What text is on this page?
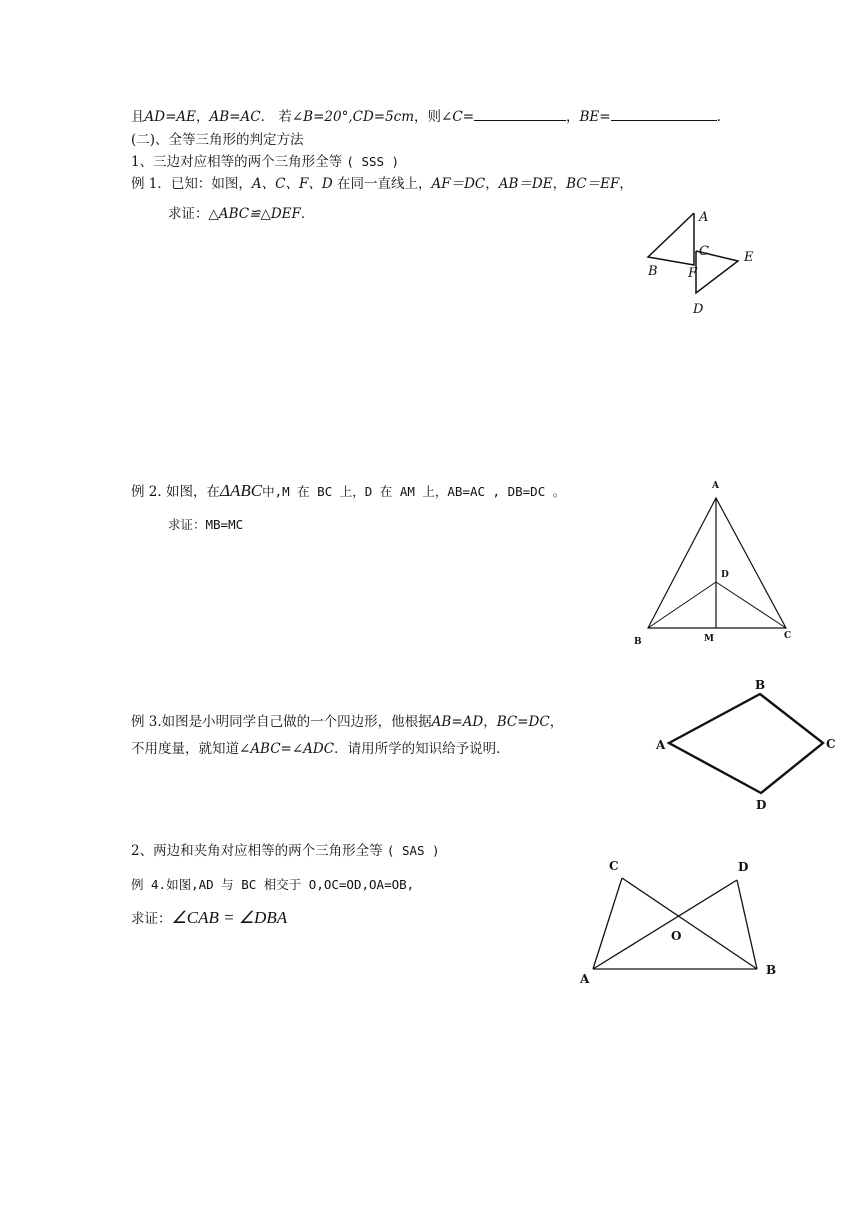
且AD=AE，AB=AC． 若∠B=20°,CD=5cm，则∠C=	，BE=	.
(二)、全等三角形的判定方法
1、三边对应相等的两个三角形全等 ( SSS )
例 1．已知：如图，A、C、F、D 在同一直线上，AF＝DC，AB＝DE，BC＝EF，
求证：△ABC≌△DEF．	A
B
C
F
E
D
例 2. 如图，在ΔABC中,M 在 BC 上，D 在 AM 上，AB=AC , DB=DC 。
求证：MB=MC
A
B
C
D
M
例 3.如图是小明同学自己做的一个四边形，他根据AB=AD，BC=DC，
不用度量，就知道∠ABC=∠ADC．请用所学的知识给予说明．	A
B
C
D
2、两边和夹角对应相等的两个三角形全等 ( SAS )
例 4.如图,AD 与 BC 相交于 O,OC=OD,OA=OB,
求证：∠CAB = ∠DBA
C	D
O
A
B
